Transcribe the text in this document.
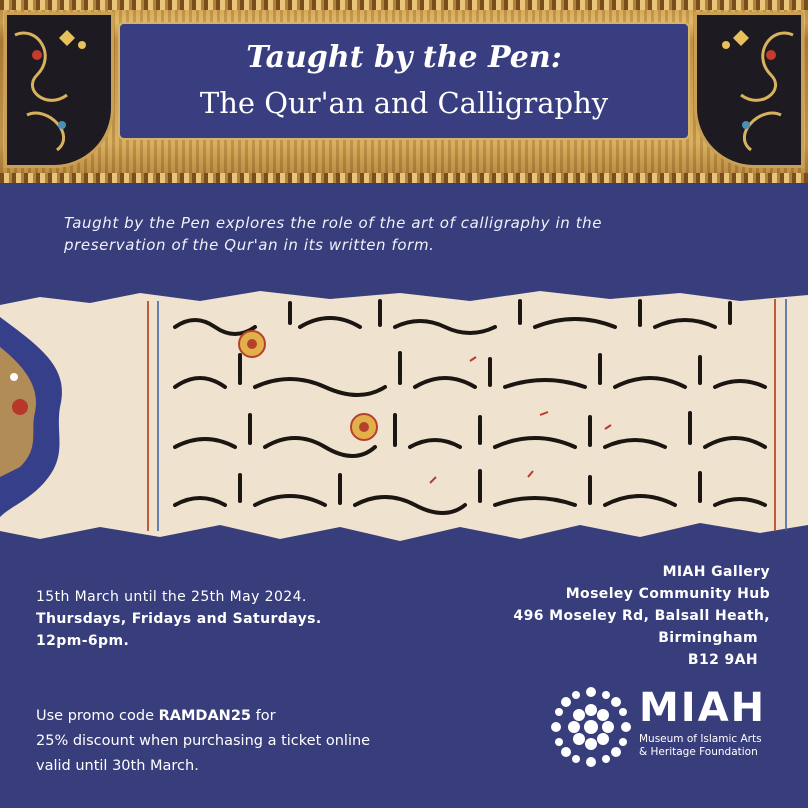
Taught by the Pen:
The Qur'an and Calligraphy
Taught by the Pen explores the role of the art of calligraphy in the
preservation of the Qur'an in its written form.
15th March until the 25th May 2024.
Thursdays, Fridays and Saturdays.
12pm-6pm.
MIAH Gallery
Moseley Community Hub
496 Moseley Rd, Balsall Heath,
Birmingham
B12 9AH
Use promo code RAMDAN25 for
25% discount when purchasing a ticket online
valid until 30th March.
MIAH
Museum of Islamic Arts
& Heritage Foundation
